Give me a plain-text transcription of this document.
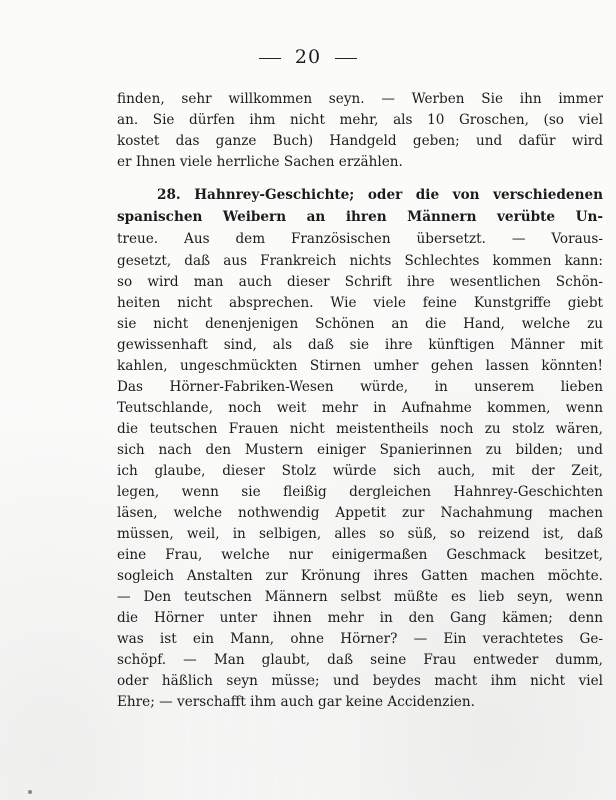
20
finden, sehr willkommen seyn. — Werben Sie ihn immer
an. Sie dürfen ihm nicht mehr, als 10 Groschen, (so viel
kostet das ganze Buch) Handgeld geben; und dafür wird
er Ihnen viele herrliche Sachen erzählen.
28. Hahnrey-Geschichte; oder die von verschiedenen
spanischen Weibern an ihren Männern verübte Un-
treue. Aus dem Französischen übersetzt. — Voraus-
gesetzt, daß aus Frankreich nichts Schlechtes kommen kann:
so wird man auch dieser Schrift ihre wesentlichen Schön-
heiten nicht absprechen. Wie viele feine Kunstgriffe giebt
sie nicht denenjenigen Schönen an die Hand, welche zu
gewissenhaft sind, als daß sie ihre künftigen Männer mit
kahlen, ungeschmückten Stirnen umher gehen lassen könnten!
Das Hörner-Fabriken-Wesen würde, in unserem lieben
Teutschlande, noch weit mehr in Aufnahme kommen, wenn
die teutschen Frauen nicht meistentheils noch zu stolz wären,
sich nach den Mustern einiger Spanierinnen zu bilden; und
ich glaube, dieser Stolz würde sich auch, mit der Zeit,
legen, wenn sie fleißig dergleichen Hahnrey-Geschichten
läsen, welche nothwendig Appetit zur Nachahmung machen
müssen, weil, in selbigen, alles so süß, so reizend ist, daß
eine Frau, welche nur einigermaßen Geschmack besitzet,
sogleich Anstalten zur Krönung ihres Gatten machen möchte.
— Den teutschen Männern selbst müßte es lieb seyn, wenn
die Hörner unter ihnen mehr in den Gang kämen; denn
was ist ein Mann, ohne Hörner? — Ein verachtetes Ge-
schöpf. — Man glaubt, daß seine Frau entweder dumm,
oder häßlich seyn müsse; und beydes macht ihm nicht viel
Ehre; — verschafft ihm auch gar keine Accidenzien.
